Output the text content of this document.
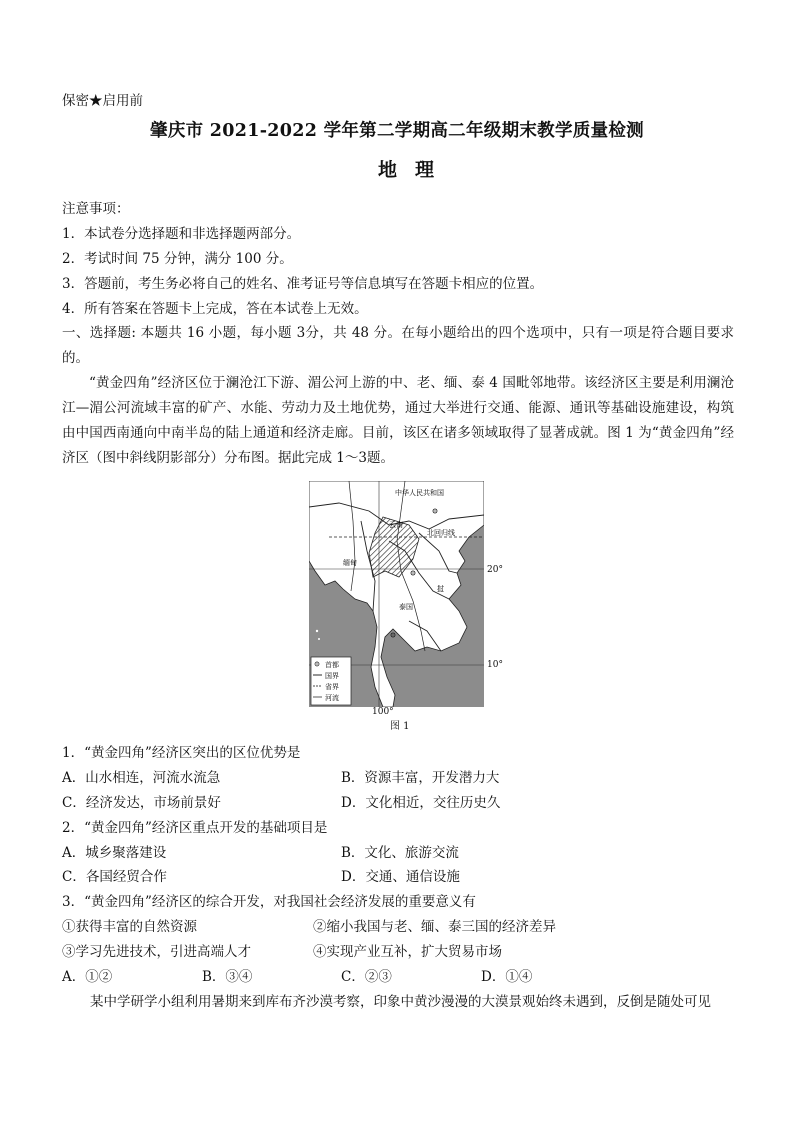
保密★启用前
肇庆市 2021-2022 学年第二学期高二年级期末教学质量检测
地理
注意事项：
1．本试卷分选择题和非选择题两部分。
2．考试时间 75 分钟，满分 100 分。
3．答题前，考生务必将自己的姓名、准考证号等信息填写在答题卡相应的位置。
4．所有答案在答题卡上完成，答在本试卷上无效。
一、选择题: 本题共 16 小题，每小题 3分，共 48 分。在每小题给出的四个选项中，只有一项是符合题目要求的。
“黄金四角”经济区位于澜沧江下游、湄公河上游的中、老、缅、泰 4 国毗邻地带。该经济区主要是利用澜沧江—湄公河流域丰富的矿产、水能、劳动力及土地优势，通过大举进行交通、能源、通讯等基础设施建设，构筑由中国西南通向中南半岛的陆上通道和经济走廊。目前，该区在诸多领域取得了显著成就。图 1 为“黄金四角”经济区（图中斜线阴影部分）分布图。据此完成 1～3题。
中华人民共和国
云南
北回归线
缅甸
泰国
挝
首都
国界
省界
河流
20°
10°
100°
图 1
1．“黄金四角”经济区突出的区位优势是
A．山水相连，河流水流急	B．资源丰富，开发潜力大
C．经济发达，市场前景好	D．文化相近，交往历史久
2．“黄金四角”经济区重点开发的基础项目是
A．城乡聚落建设	B．文化、旅游交流
C．各国经贸合作	D．交通、通信设施
3．“黄金四角”经济区的综合开发，对我国社会经济发展的重要意义有
①获得丰富的自然资源	②缩小我国与老、缅、泰三国的经济差异
③学习先进技术，引进高端人才	④实现产业互补，扩大贸易市场
A．①②	B．③④	C．②③	D．①④
某中学研学小组利用暑期来到库布齐沙漠考察，印象中黄沙漫漫的大漠景观始终未遇到，反倒是随处可见
